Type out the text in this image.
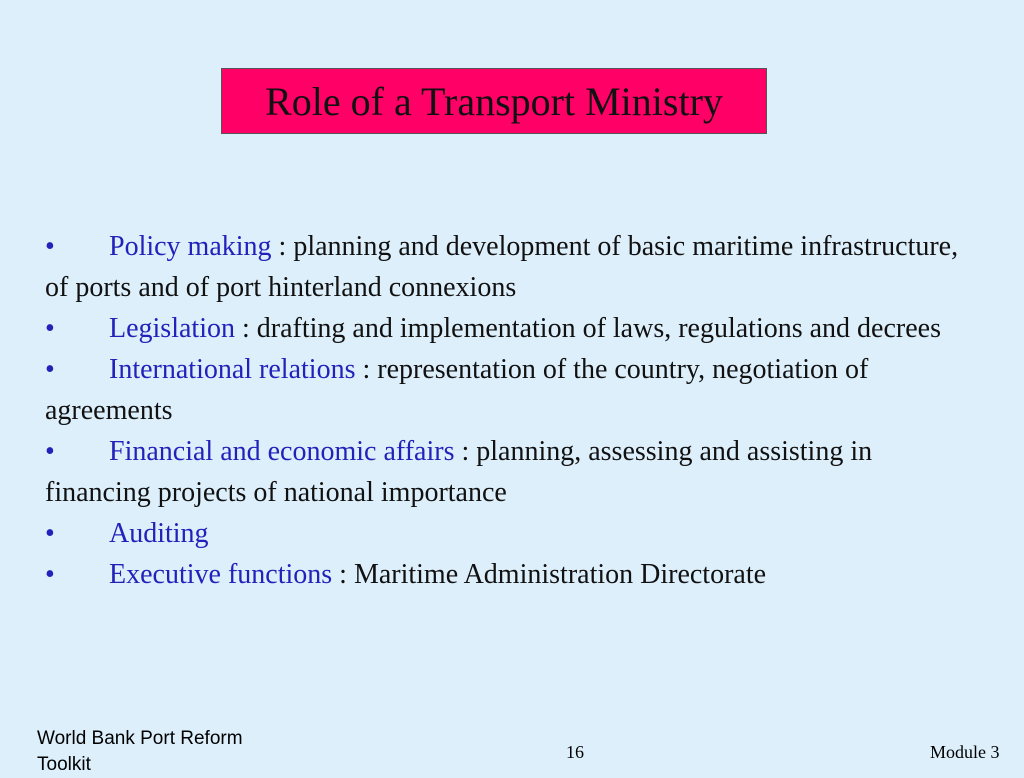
Role of a Transport Ministry

• Policy making : planning and development of basic maritime infrastructure, of ports and of port hinterland connexions

• Legislation : drafting and implementation of laws, regulations and decrees

• International relations : representation of the country, negotiation of agreements

• Financial and economic affairs : planning, assessing and assisting in financing projects of national importance

• Auditing

• Executive functions : Maritime Administration Directorate

World Bank Port Reform Toolkit
16	Module 3
